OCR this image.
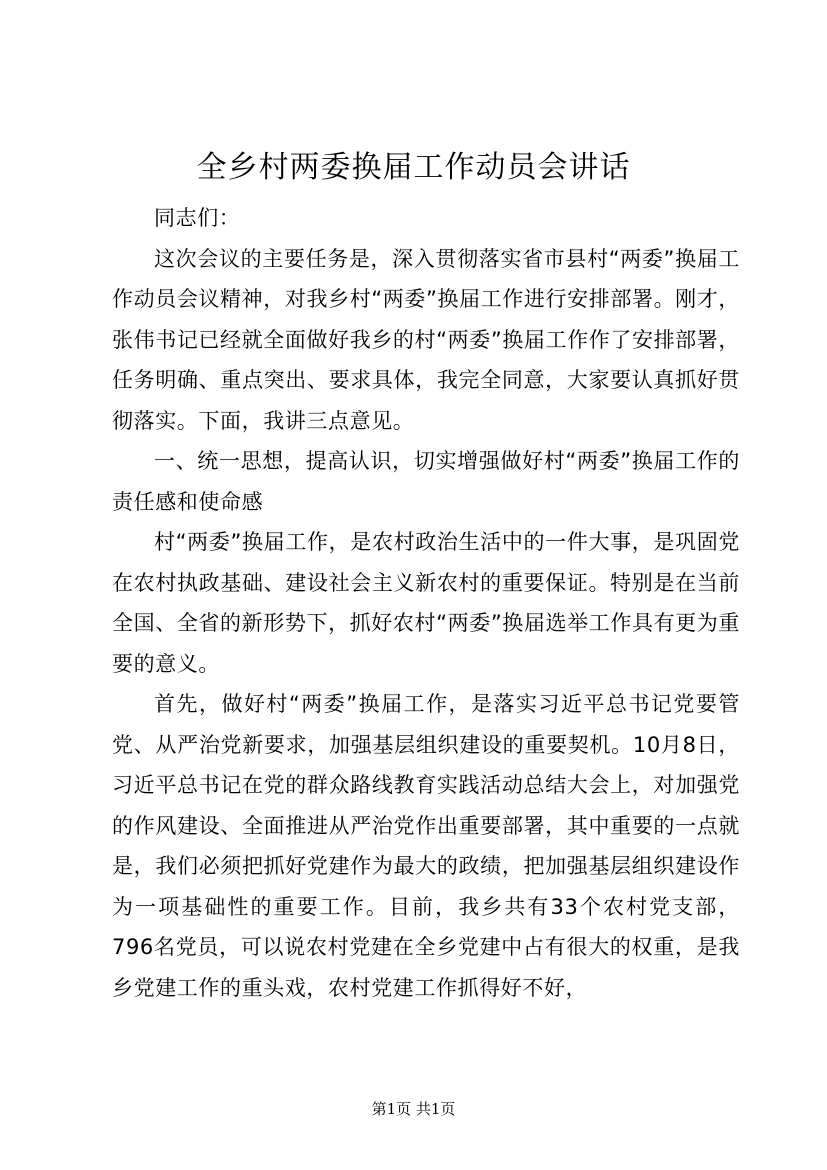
全乡村两委换届工作动员会讲话

同志们：

这次会议的主要任务是，深入贯彻落实省市县村“两委”换届工作动员会议精神，对我乡村“两委”换届工作进行安排部署。刚才，张伟书记已经就全面做好我乡的村“两委”换届工作作了安排部署，任务明确、重点突出、要求具体，我完全同意，大家要认真抓好贯彻落实。下面，我讲三点意见。

一、统一思想，提高认识，切实增强做好村“两委”换届工作的责任感和使命感

村“两委”换届工作，是农村政治生活中的一件大事，是巩固党在农村执政基础、建设社会主义新农村的重要保证。特别是在当前全国、全省的新形势下，抓好农村“两委”换届选举工作具有更为重要的意义。

首先，做好村“两委”换届工作，是落实习近平总书记党要管党、从严治党新要求，加强基层组织建设的重要契机。10月8日，习近平总书记在党的群众路线教育实践活动总结大会上，对加强党的作风建设、全面推进从严治党作出重要部署，其中重要的一点就是，我们必须把抓好党建作为最大的政绩，把加强基层组织建设作为一项基础性的重要工作。目前，我乡共有33个农村党支部，796名党员，可以说农村党建在全乡党建中占有很大的权重，是我乡党建工作的重头戏，农村党建工作抓得好不好，

第1页 共1页
